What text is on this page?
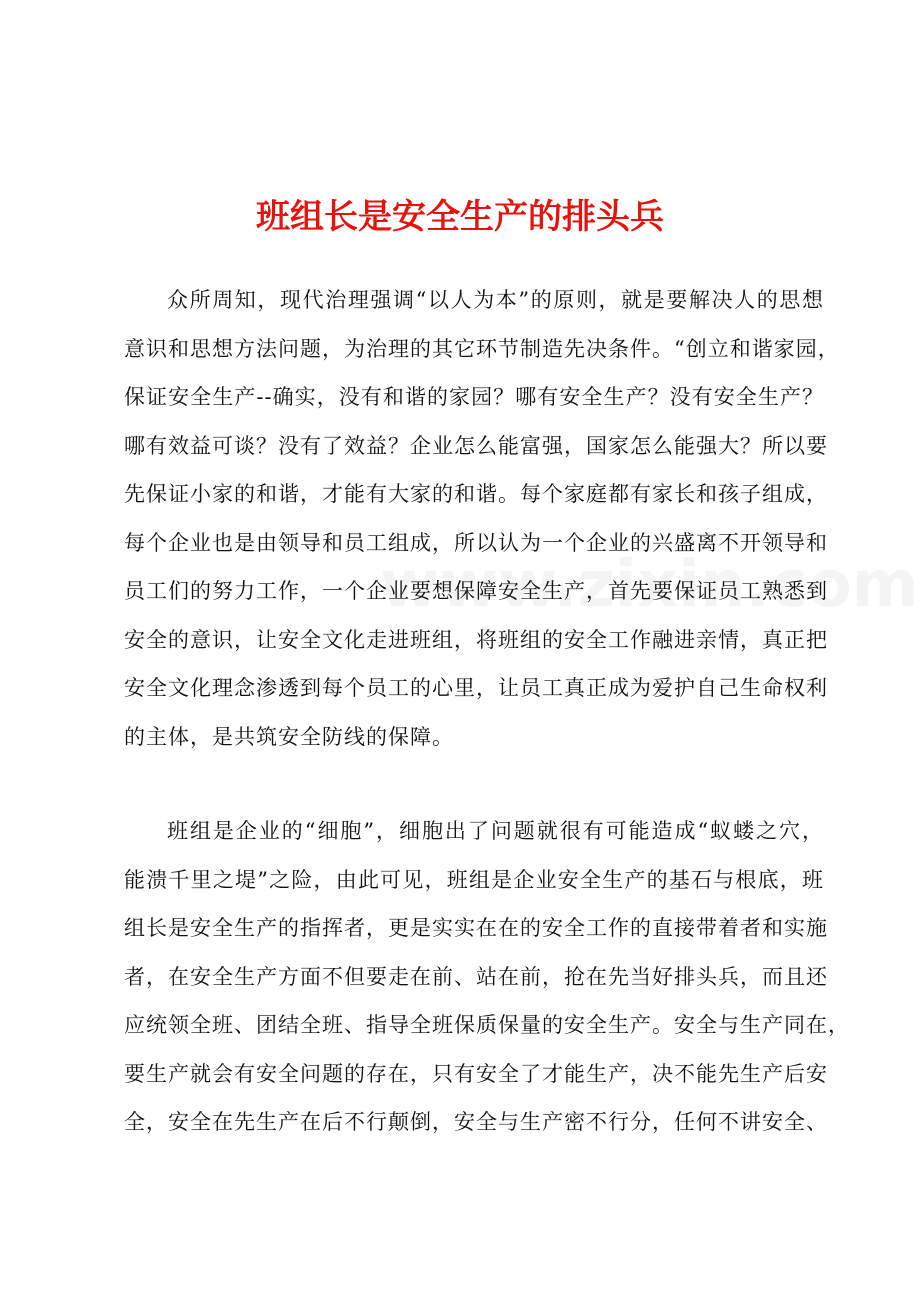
班组长是安全生产的排头兵
众所周知，现代治理强调“以人为本”的原则，就是要解决人的思想
意识和思想方法问题，为治理的其它环节制造先决条件。“创立和谐家园，
保证安全生产--确实，没有和谐的家园？哪有安全生产？没有安全生产？
哪有效益可谈？没有了效益？企业怎么能富强，国家怎么能强大？所以要
先保证小家的和谐，才能有大家的和谐。每个家庭都有家长和孩子组成，
每个企业也是由领导和员工组成，所以认为一个企业的兴盛离不开领导和
员工们的努力工作，一个企业要想保障安全生产，首先要保证员工熟悉到
安全的意识，让安全文化走进班组，将班组的安全工作融进亲情，真正把
安全文化理念渗透到每个员工的心里，让员工真正成为爱护自己生命权利
的主体，是共筑安全防线的保障。
班组是企业的“细胞”，细胞出了问题就很有可能造成“蚁蝼之穴，
能溃千里之堤”之险，由此可见，班组是企业安全生产的基石与根底，班
组长是安全生产的指挥者，更是实实在在的安全工作的直接带着者和实施
者，在安全生产方面不但要走在前、站在前，抢在先当好排头兵，而且还
应统领全班、团结全班、指导全班保质保量的安全生产。安全与生产同在，
要生产就会有安全问题的存在，只有安全了才能生产，决不能先生产后安
全，安全在先生产在后不行颠倒，安全与生产密不行分，任何不讲安全、
